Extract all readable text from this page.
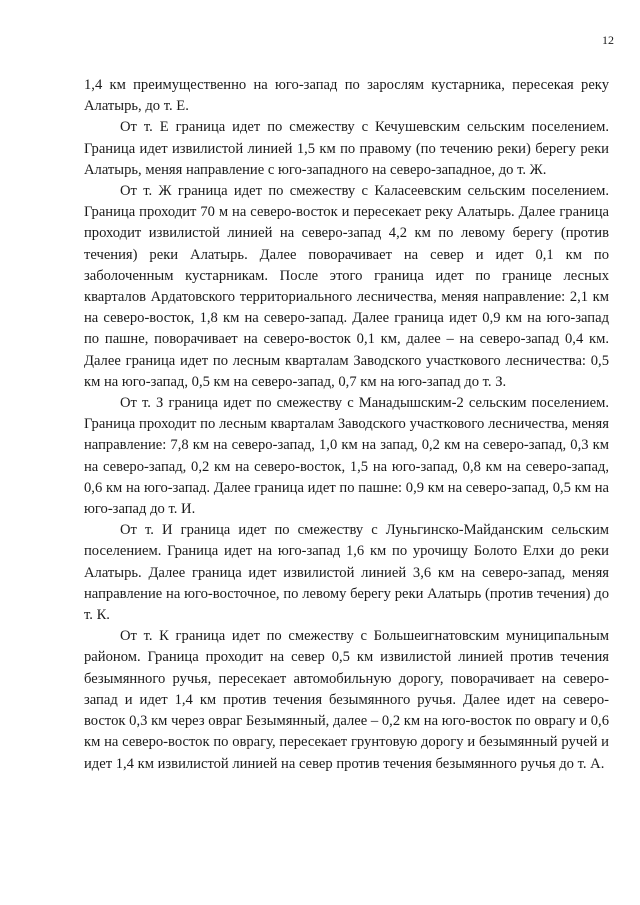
12

1,4 км преимущественно на юго-запад по зарослям кустарника, пересекая реку Алатырь, до т. Е.

От т. Е граница идет по смежеству с Кечушевским сельским поселением. Граница идет извилистой линией 1,5 км по правому (по течению реки) берегу реки Алатырь, меняя направление с юго-западного на северо-западное, до т. Ж.

От т. Ж граница идет по смежеству с Каласеевским сельским поселением. Граница проходит 70 м на северо-восток и пересекает реку Алатырь. Далее граница проходит извилистой линией на северо-запад 4,2 км по левому берегу (против течения) реки Алатырь. Далее поворачивает на север и идет 0,1 км по заболоченным кустарникам. После этого граница идет по границе лесных кварталов Ардатовского территориального лесничества, меняя направление: 2,1 км на северо-восток, 1,8 км на северо-запад. Далее граница идет 0,9 км на юго-запад по пашне, поворачивает на северо-восток 0,1 км, далее – на северо-запад 0,4 км. Далее граница идет по лесным кварталам Заводского участкового лесничества: 0,5 км на юго-запад, 0,5 км на северо-запад, 0,7 км на юго-запад до т. З.

От т. З граница идет по смежеству с Манадышским-2 сельским поселением. Граница проходит по лесным кварталам Заводского участкового лесничества, меняя направление: 7,8 км на северо-запад, 1,0 км на запад, 0,2 км на северо-запад, 0,3 км на северо-запад, 0,2 км на северо-восток, 1,5 на юго-запад, 0,8 км на северо-запад, 0,6 км на юго-запад. Далее граница идет по пашне: 0,9 км на северо-запад, 0,5 км на юго-запад до т. И.

От т. И граница идет по смежеству с Луньгинско-Майданским сельским поселением. Граница идет на юго-запад 1,6 км по урочищу Болото Елхи до реки Алатырь. Далее граница идет извилистой линией 3,6 км на северо-запад, меняя направление на юго-восточное, по левому берегу реки Алатырь (против течения) до т. К.

От т. К граница идет по смежеству с Большеигнатовским муниципальным районом. Граница проходит на север 0,5 км извилистой линией против течения безымянного ручья, пересекает автомобильную дорогу, поворачивает на северо-запад и идет 1,4 км против течения безымянного ручья. Далее идет на северо-восток 0,3 км через овраг Безымянный, далее – 0,2 км на юго-восток по оврагу и 0,6 км на северо-восток по оврагу, пересекает грунтовую дорогу и безымянный ручей и идет 1,4 км извилистой линией на север против течения безымянного ручья до т. А.
